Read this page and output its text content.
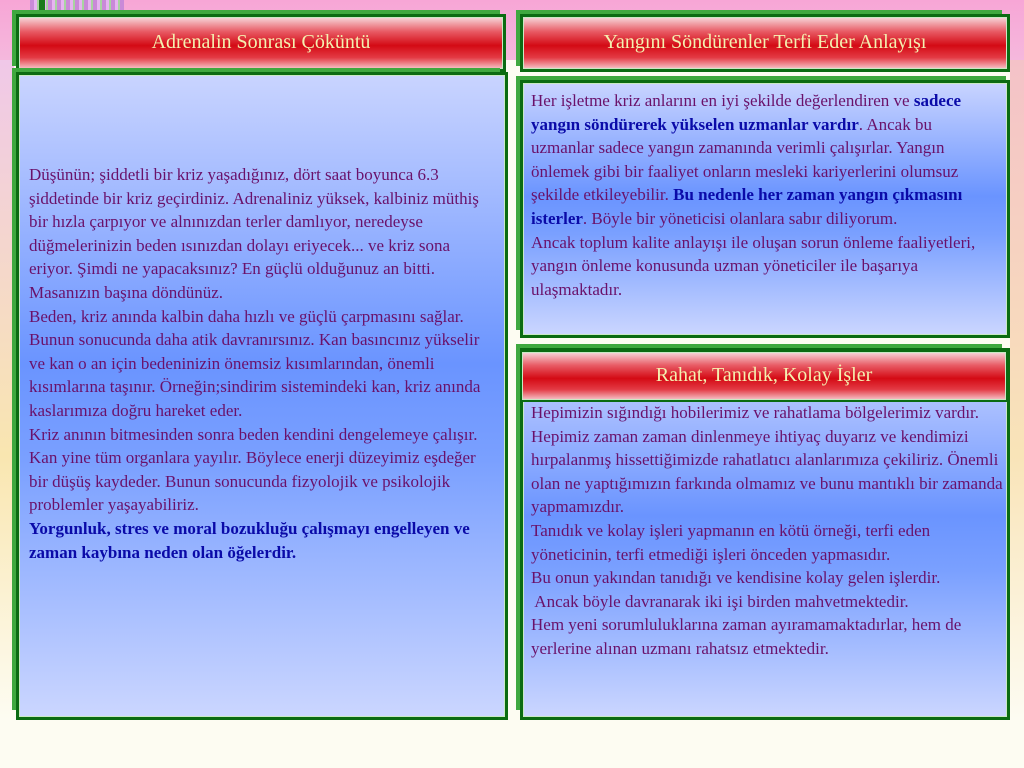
Adrenalin Sonrası Çöküntü
Düşünün; şiddetli bir kriz yaşadığınız, dört saat boyunca 6.3 şiddetinde bir kriz geçirdiniz. Adrenaliniz yüksek, kalbiniz müthiş bir hızla çarpıyor ve alnınızdan terler damlıyor, neredeyse düğmelerinizin beden ısınızdan dolayı eriyecek... ve kriz sona eriyor. Şimdi ne yapacaksınız? En güçlü olduğunuz an bitti. Masanızın başına döndünüz.
Beden, kriz anında kalbin daha hızlı ve güçlü çarpmasını sağlar. Bunun sonucunda daha atik davranırsınız. Kan basıncınız yükselir ve kan o an için bedeninizin önemsiz kısımlarından, önemli kısımlarına taşınır. Örneğin;sindirim sistemindeki kan, kriz anında kaslarımıza doğru hareket eder.
Kriz anının bitmesinden sonra beden kendini dengelemeye çalışır. Kan yine tüm organlara yayılır. Böylece enerji düzeyimiz eşdeğer bir düşüş kaydeder. Bunun sonucunda fizyolojik ve psikolojik problemler yaşayabiliriz.
Yorgunluk, stres ve moral bozukluğu çalışmayı engelleyen ve zaman kaybına neden olan öğelerdir.
Yangını Söndürenler Terfi Eder Anlayışı
Her işletme kriz anlarını en iyi şekilde değerlendiren ve sadece yangın söndürerek yükselen uzmanlar vardır. Ancak bu uzmanlar sadece yangın zamanında verimli çalışırlar. Yangın önlemek gibi bir faaliyet onların mesleki kariyerlerini olumsuz şekilde etkileyebilir. Bu nedenle her zaman yangın çıkmasını isterler. Böyle bir yöneticisi olanlara sabır diliyorum.
Ancak toplum kalite anlayışı ile oluşan sorun önleme faaliyetleri, yangın önleme konusunda uzman yöneticiler ile başarıya ulaşmaktadır.
Hepimizin sığındığı hobilerimiz ve rahatlama bölgelerimiz vardır. Hepimiz zaman zaman dinlenmeye ihtiyaç duyarız ve kendimizi hırpalanmış hissettiğimizde rahatlatıcı alanlarımıza çekiliriz. Önemli olan ne yaptığımızın farkında olmamız ve bunu mantıklı bir zamanda yapmamızdır.
Tanıdık ve kolay işleri yapmanın en kötü örneği, terfi eden yöneticinin, terfi etmediği işleri önceden yapmasıdır.
Bu onun yakından tanıdığı ve kendisine kolay gelen işlerdir.
Ancak böyle davranarak iki işi birden mahvetmektedir.
Hem yeni sorumluluklarına zaman ayıramamaktadırlar, hem de yerlerine alınan uzmanı rahatsız etmektedir.
Rahat, Tanıdık, Kolay İşler
